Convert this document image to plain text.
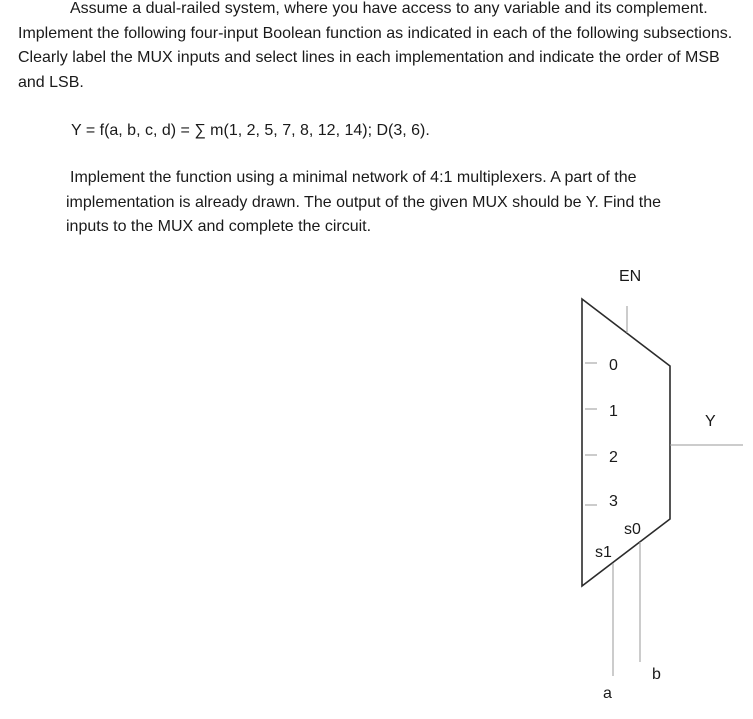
Assume a dual-railed system, where you have access to any variable and its complement. Implement the following four-input Boolean function as indicated in each of the following subsections. Clearly label the MUX inputs and select lines in each implementation and indicate the order of MSB and LSB.

Y = f(a, b, c, d) = ∑ m(1, 2, 5, 7, 8, 12, 14); D(3, 6).

Implement the function using a minimal network of 4:1 multiplexers. A part of the implementation is already drawn. The output of the given MUX should be Y. Find the inputs to the MUX and complete the circuit.

EN
0
1
2
3
s0
s1
a
b
Y
